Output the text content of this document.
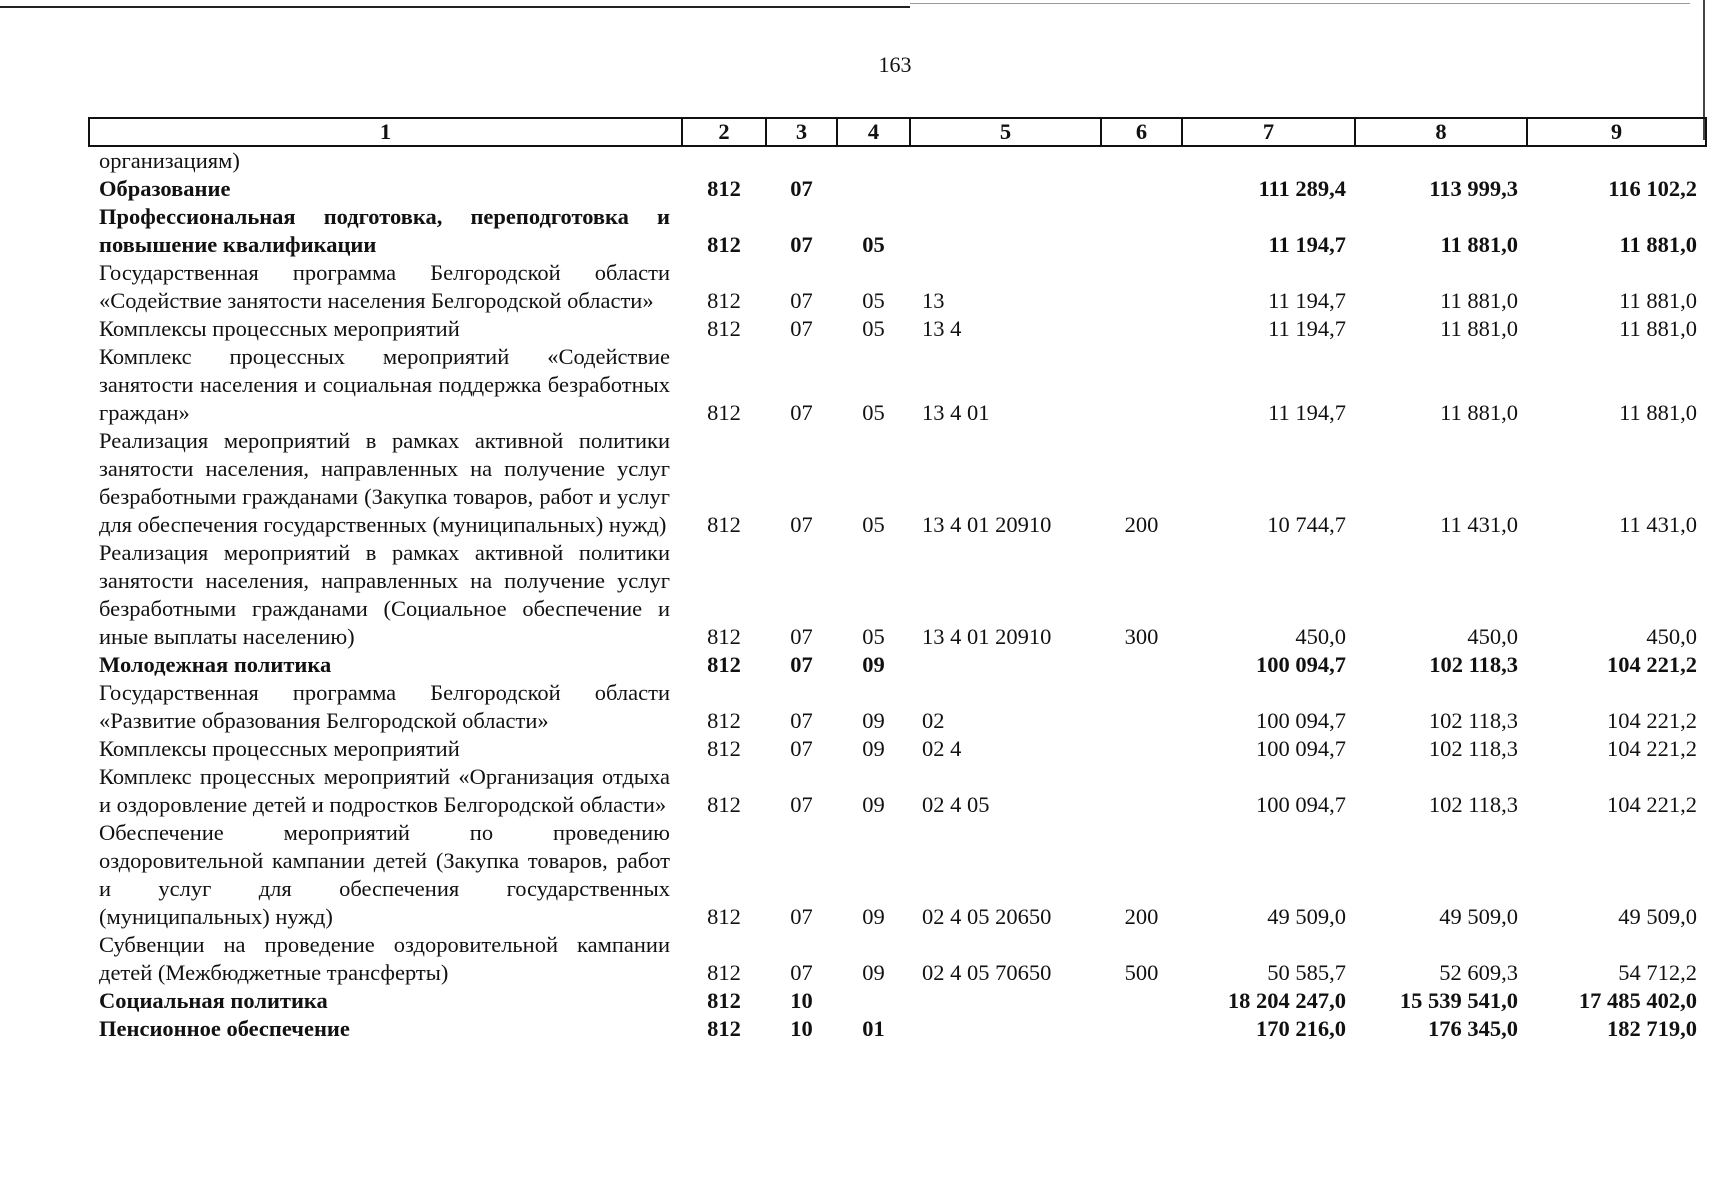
163
1	2	3	4	5	6	7	8	9
организациям)								
Образование	812	07				111 289,4	113 999,3	116 102,2
Профессиональная подготовка, переподготовка и повышение квалификации	812	07	05			11 194,7	11 881,0	11 881,0
Государственная программа Белгородской области «Содействие занятости населения Белгородской области»	812	07	05	13		11 194,7	11 881,0	11 881,0
Комплексы процессных мероприятий	812	07	05	13 4		11 194,7	11 881,0	11 881,0
Комплекс процессных мероприятий «Содействие занятости населения и социальная поддержка безработных граждан»	812	07	05	13 4 01		11 194,7	11 881,0	11 881,0
Реализация мероприятий в рамках активной политики занятости населения, направленных на получение услуг безработными гражданами (Закупка товаров, работ и услуг для обеспечения государственных (муниципальных) нужд)	812	07	05	13 4 01 20910	200	10 744,7	11 431,0	11 431,0
Реализация мероприятий в рамках активной политики занятости населения, направленных на получение услуг безработными гражданами (Социальное обеспечение и иные выплаты населению)	812	07	05	13 4 01 20910	300	450,0	450,0	450,0
Молодежная политика	812	07	09			100 094,7	102 118,3	104 221,2
Государственная программа Белгородской области «Развитие образования Белгородской области»	812	07	09	02		100 094,7	102 118,3	104 221,2
Комплексы процессных мероприятий	812	07	09	02 4		100 094,7	102 118,3	104 221,2
Комплекс процессных мероприятий «Организация отдыха и оздоровление детей и подростков Белгородской области»	812	07	09	02 4 05		100 094,7	102 118,3	104 221,2
Обеспечение мероприятий по проведению оздоровительной кампании детей (Закупка товаров, работ и услуг для обеспечения государственных (муниципальных) нужд)	812	07	09	02 4 05 20650	200	49 509,0	49 509,0	49 509,0
Субвенции на проведение оздоровительной кампании детей (Межбюджетные трансферты)	812	07	09	02 4 05 70650	500	50 585,7	52 609,3	54 712,2
Социальная политика	812	10				18 204 247,0	15 539 541,0	17 485 402,0
Пенсионное обеспечение	812	10	01			170 216,0	176 345,0	182 719,0
